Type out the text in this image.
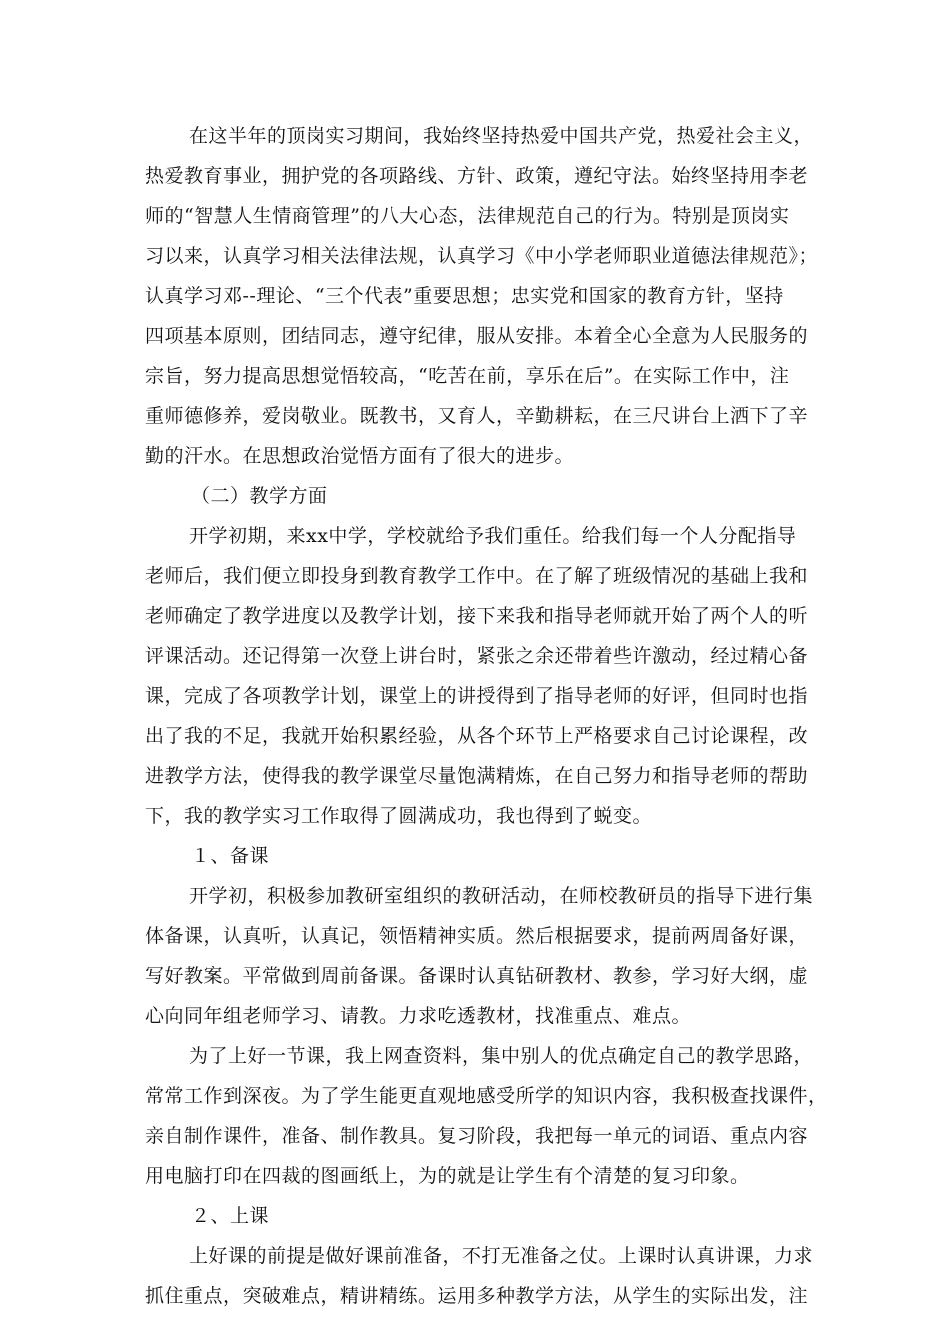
在这半年的顶岗实习期间，我始终坚持热爱中国共产党，热爱社会主义，
热爱教育事业，拥护党的各项路线、方针、政策，遵纪守法。始终坚持用李老
师的“智慧人生情商管理”的八大心态，法律规范自己的行为。特别是顶岗实
习以来，认真学习相关法律法规，认真学习《中小学老师职业道德法律规范》；
认真学习邓--理论、“三个代表”重要思想；忠实党和国家的教育方针，坚持
四项基本原则，团结同志，遵守纪律，服从安排。本着全心全意为人民服务的
宗旨，努力提高思想觉悟较高，“吃苦在前，享乐在后”。在实际工作中，注
重师德修养，爱岗敬业。既教书，又育人，辛勤耕耘，在三尺讲台上洒下了辛
勤的汗水。在思想政治觉悟方面有了很大的进步。
（二）教学方面
开学初期，来xx中学，学校就给予我们重任。给我们每一个人分配指导
老师后，我们便立即投身到教育教学工作中。在了解了班级情况的基础上我和
老师确定了教学进度以及教学计划，接下来我和指导老师就开始了两个人的听
评课活动。还记得第一次登上讲台时，紧张之余还带着些许激动，经过精心备
课，完成了各项教学计划，课堂上的讲授得到了指导老师的好评，但同时也指
出了我的不足，我就开始积累经验，从各个环节上严格要求自己讨论课程，改
进教学方法，使得我的教学课堂尽量饱满精炼，在自己努力和指导老师的帮助
下，我的教学实习工作取得了圆满成功，我也得到了蜕变。
１、备课
开学初，积极参加教研室组织的教研活动，在师校教研员的指导下进行集
体备课，认真听，认真记，领悟精神实质。然后根据要求，提前两周备好课，
写好教案。平常做到周前备课。备课时认真钻研教材、教参，学习好大纲，虚
心向同年组老师学习、请教。力求吃透教材，找准重点、难点。
为了上好一节课，我上网查资料，集中别人的优点确定自己的教学思路，
常常工作到深夜。为了学生能更直观地感受所学的知识内容，我积极查找课件，
亲自制作课件，准备、制作教具。复习阶段，我把每一单元的词语、重点内容
用电脑打印在四裁的图画纸上，为的就是让学生有个清楚的复习印象。
２、上课
上好课的前提是做好课前准备，不打无准备之仗。上课时认真讲课，力求
抓住重点，突破难点，精讲精练。运用多种教学方法，从学生的实际出发，注
